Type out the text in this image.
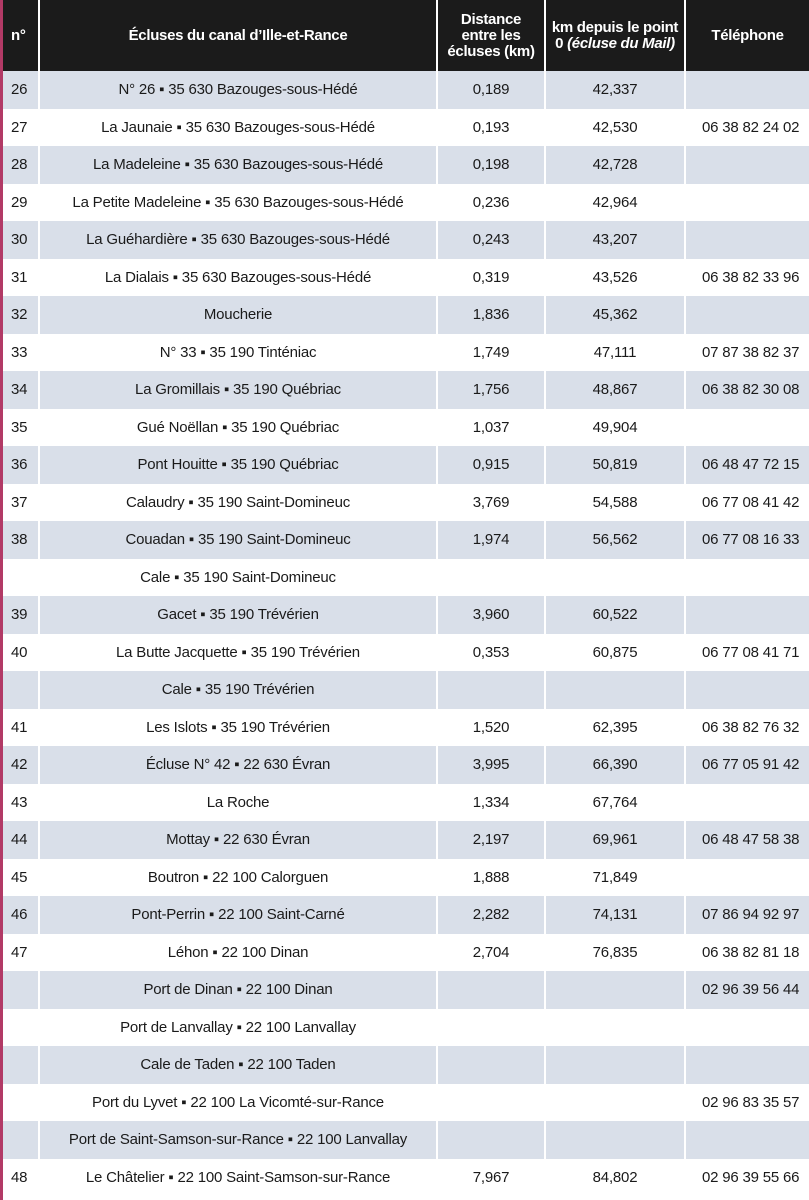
n°	Écluses du canal d’Ille-et-Rance	Distance entre les écluses (km)	km depuis le point 0 (écluse du Mail)	Téléphone
26	N° 26 ▪ 35 630 Bazouges-sous-Hédé	0,189	42,337	
27	La Jaunaie ▪ 35 630 Bazouges-sous-Hédé	0,193	42,530	06 38 82 24 02
28	La Madeleine ▪ 35 630 Bazouges-sous-Hédé	0,198	42,728	
29	La Petite Madeleine ▪ 35 630 Bazouges-sous-Hédé	0,236	42,964	
30	La Guéhardière ▪ 35 630 Bazouges-sous-Hédé	0,243	43,207	
31	La Dialais ▪ 35 630 Bazouges-sous-Hédé	0,319	43,526	06 38 82 33 96
32	Moucherie	1,836	45,362	
33	N° 33 ▪ 35 190 Tinténiac	1,749	47,111	07 87 38 82 37
34	La Gromillais ▪ 35 190 Québriac	1,756	48,867	06 38 82 30 08
35	Gué Noëllan ▪ 35 190 Québriac	1,037	49,904	
36	Pont Houitte ▪ 35 190 Québriac	0,915	50,819	06 48 47 72 15
37	Calaudry ▪ 35 190 Saint-Domineuc	3,769	54,588	06 77 08 41 42
38	Couadan ▪ 35 190 Saint-Domineuc	1,974	56,562	06 77 08 16 33
	Cale ▪ 35 190 Saint-Domineuc			
39	Gacet ▪ 35 190 Trévérien	3,960	60,522	
40	La Butte Jacquette ▪ 35 190 Trévérien	0,353	60,875	06 77 08 41 71
	Cale ▪ 35 190 Trévérien			
41	Les Islots ▪ 35 190 Trévérien	1,520	62,395	06 38 82 76 32
42	Écluse N° 42 ▪ 22 630 Évran	3,995	66,390	06 77 05 91 42
43	La Roche	1,334	67,764	
44	Mottay ▪ 22 630 Évran	2,197	69,961	06 48 47 58 38
45	Boutron ▪ 22 100 Calorguen	1,888	71,849	
46	Pont-Perrin ▪ 22 100 Saint-Carné	2,282	74,131	07 86 94 92 97
47	Léhon ▪ 22 100 Dinan	2,704	76,835	06 38 82 81 18
	Port de Dinan ▪ 22 100 Dinan			02 96 39 56 44
	Port de Lanvallay ▪ 22 100 Lanvallay			
	Cale de Taden ▪ 22 100 Taden			
	Port du Lyvet ▪ 22 100 La Vicomté-sur-Rance			02 96 83 35 57
	Port de Saint-Samson-sur-Rance ▪ 22 100 Lanvallay			
48	Le Châtelier ▪ 22 100 Saint-Samson-sur-Rance	7,967	84,802	02 96 39 55 66
